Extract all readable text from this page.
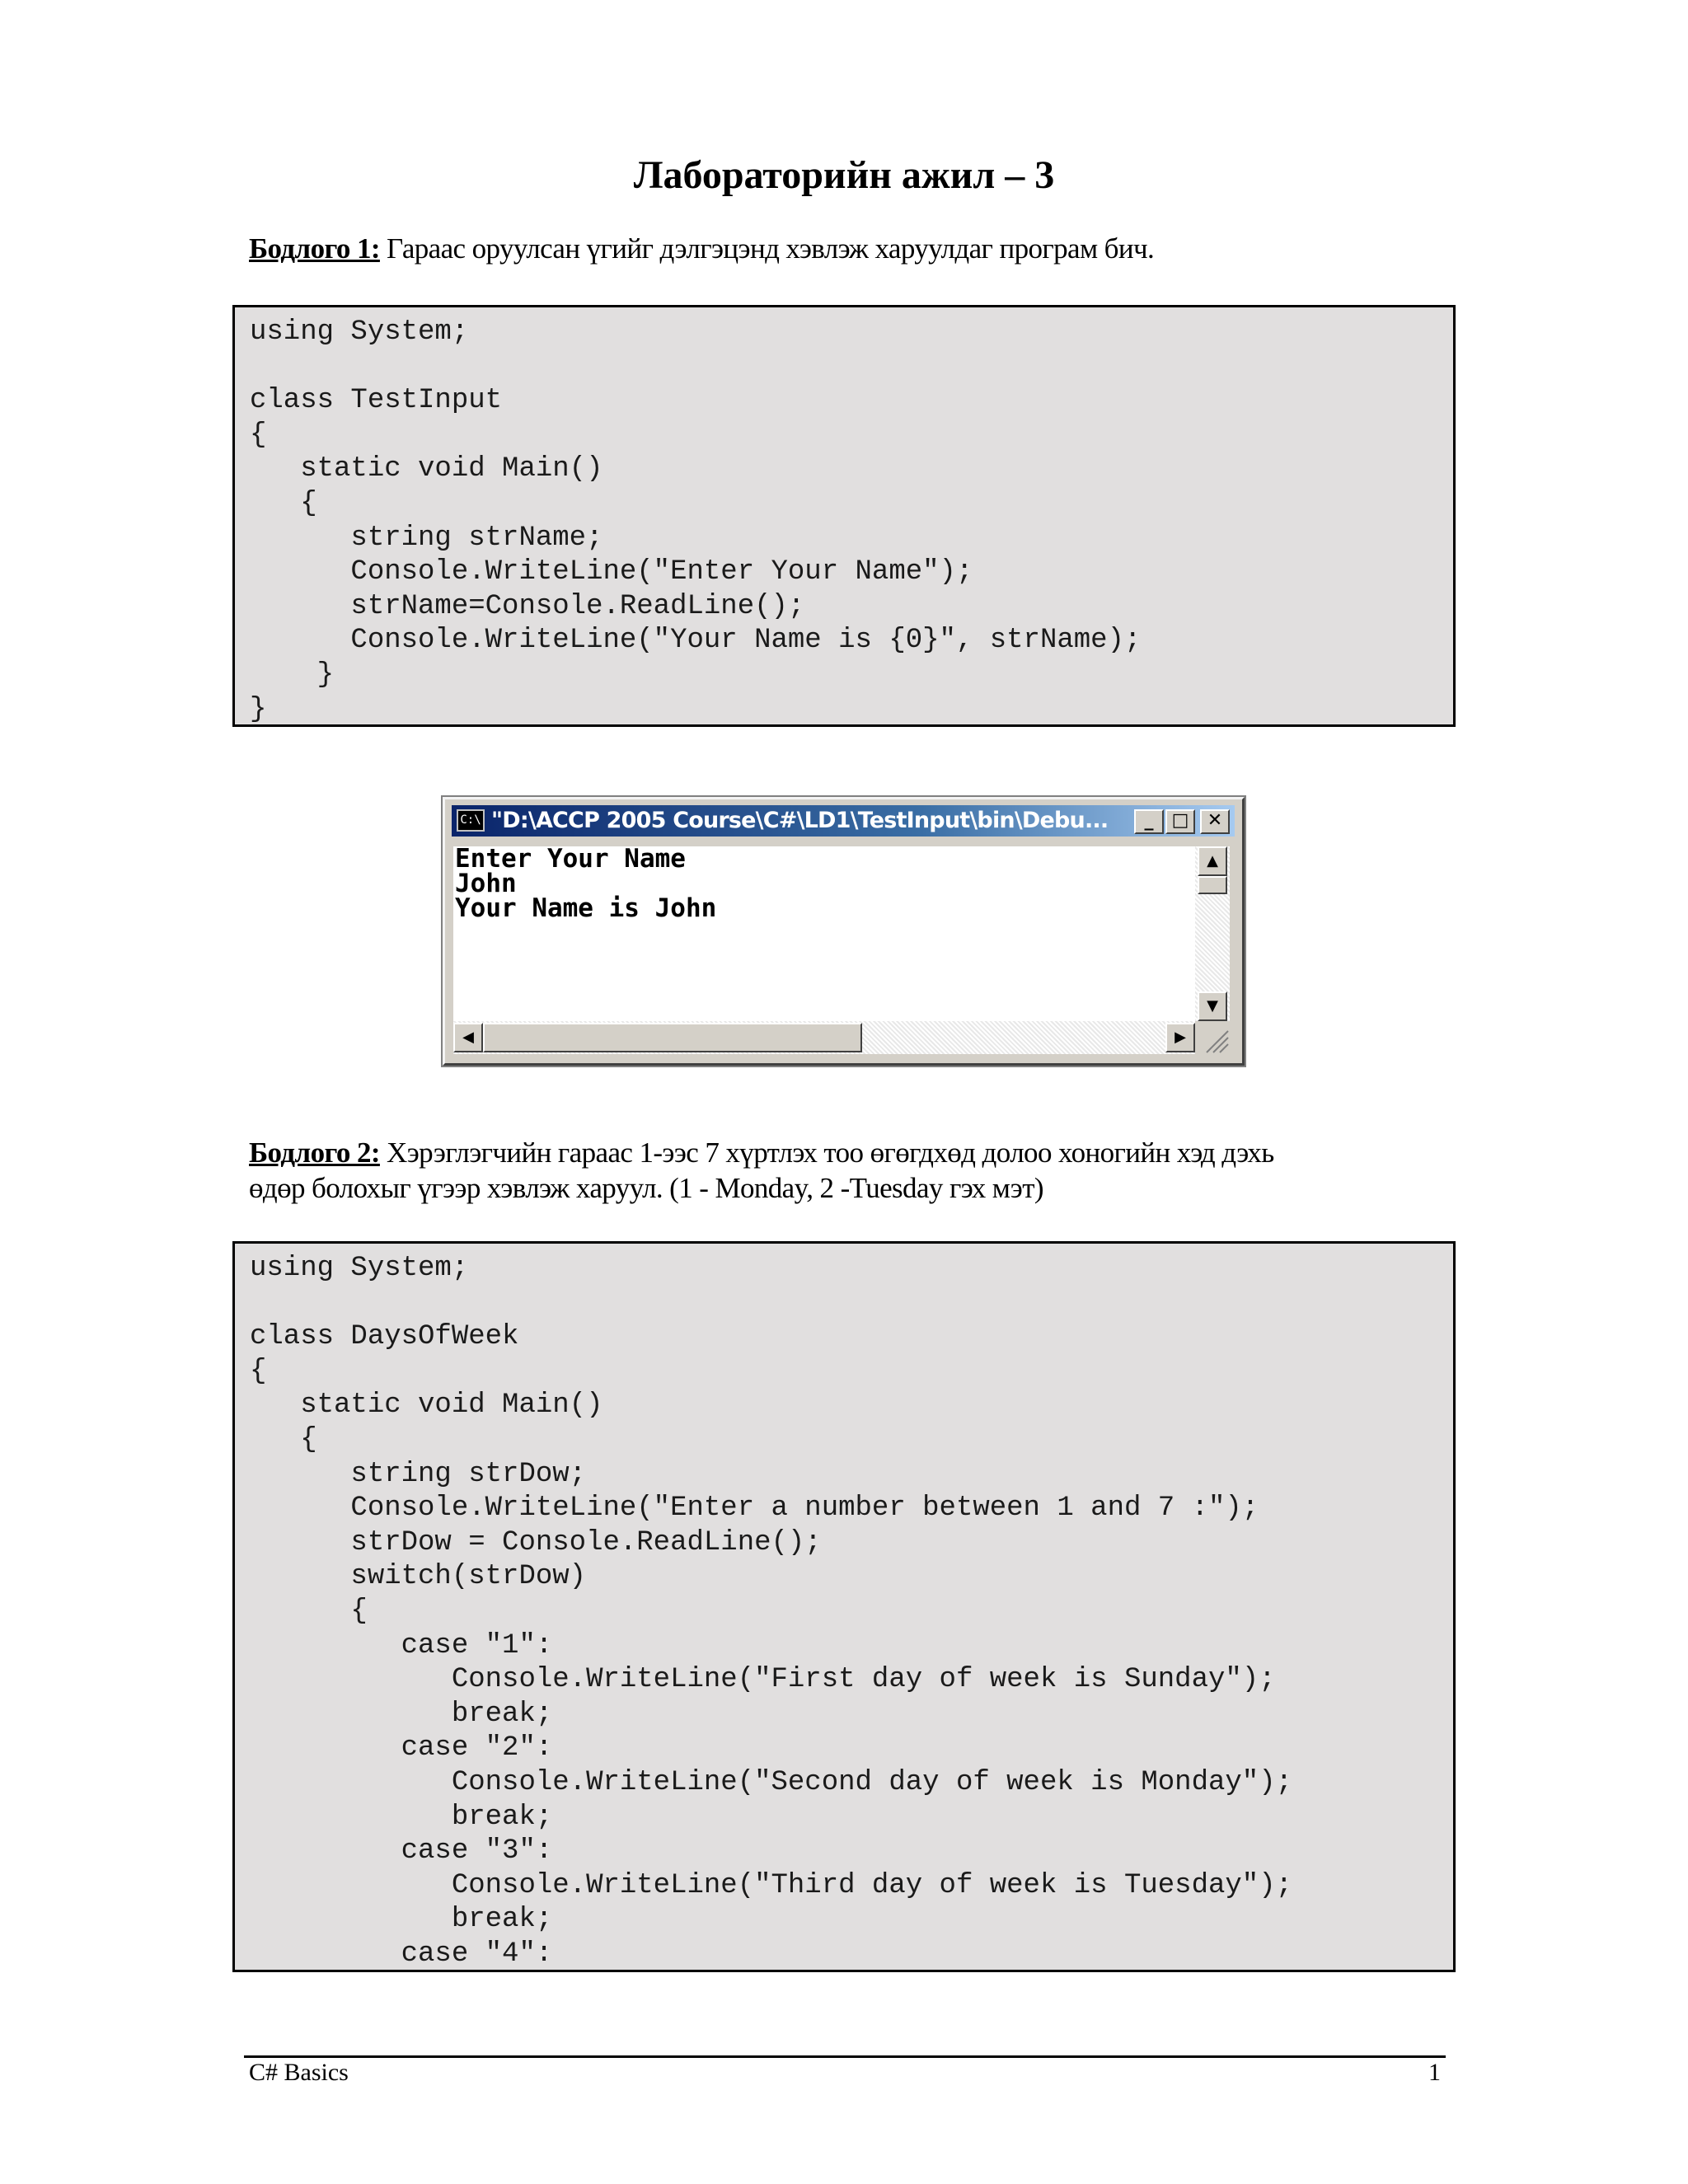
Лабораторийн ажил – 3
Бодлого 1: Гараас оруулсан үгийг дэлгэцэнд хэвлэж харуулдаг програм бич.
using System;
class TestInput
{
static void Main()
{
string strName;
Console.WriteLine("Enter Your Name");
strName=Console.ReadLine();
Console.WriteLine("Your Name is {0}", strName);
}
}
C:\ "D:\ACCP 2005 Course\C#\LD1\TestInput\bin\Debu...	_	□	✕
Enter Your Name
John
Your Name is John
▲
▼
◀	▶
Бодлого 2: Хэрэглэгчийн гараас 1-ээс 7 хүртлэх тоо өгөгдхөд долоо хоногийн хэд дэхь
өдөр болохыг үгээр хэвлэж харуул. (1 - Monday, 2 -Tuesday гэх мэт)
using System;
class DaysOfWeek
{
static void Main()
{
string strDow;
Console.WriteLine("Enter a number between 1 and 7 :");
strDow = Console.ReadLine();
switch(strDow)
{
case "1":
Console.WriteLine("First day of week is Sunday");
break;
case "2":
Console.WriteLine("Second day of week is Monday");
break;
case "3":
Console.WriteLine("Third day of week is Tuesday");
break;
case "4":
C# Basics	1
